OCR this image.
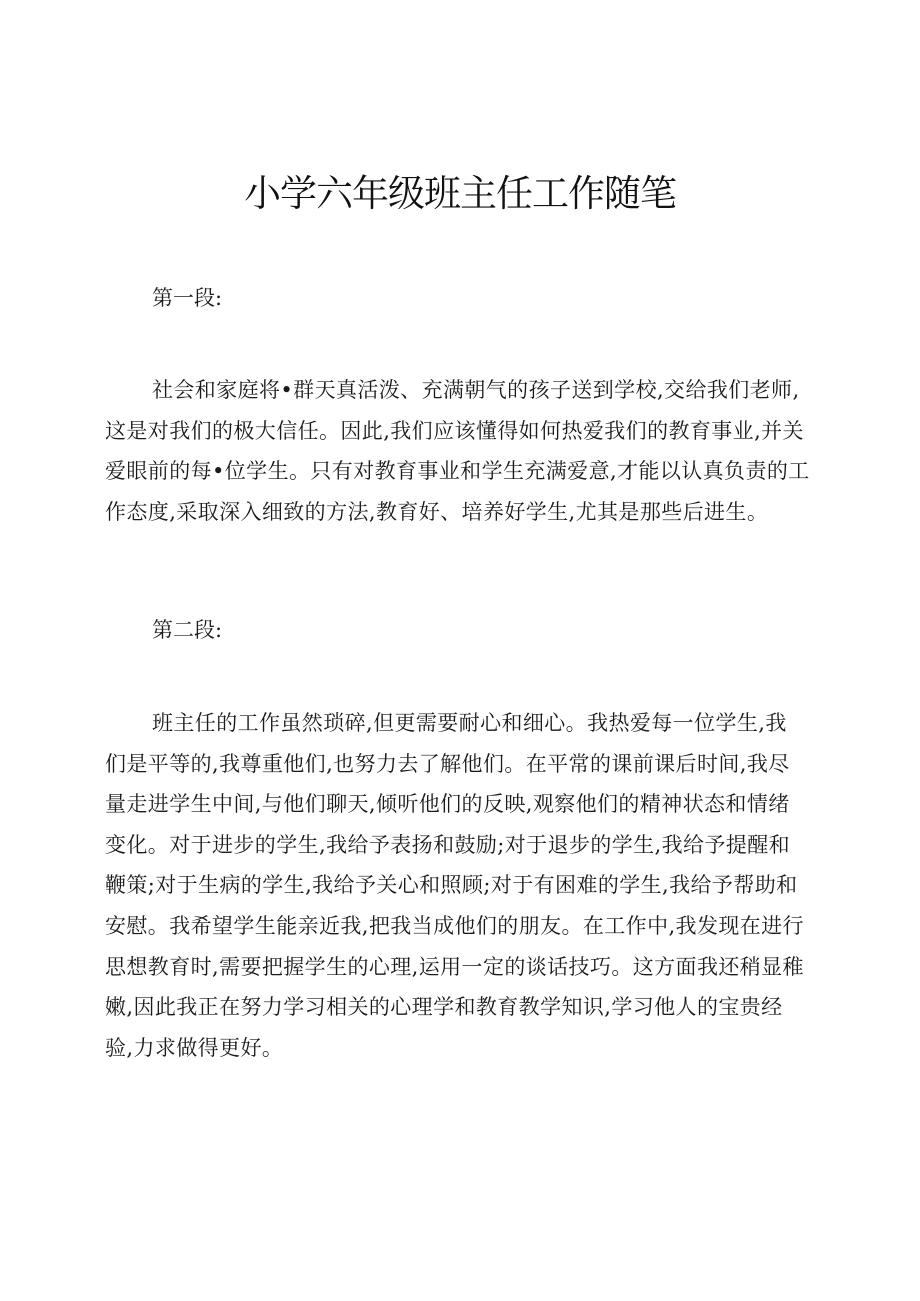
小学六年级班主任工作随笔

第一段:

社会和家庭将•群天真活泼、充满朝气的孩子送到学校,交给我们老师,
这是对我们的极大信任。因此,我们应该懂得如何热爱我们的教育事业,并关
爱眼前的每•位学生。只有对教育事业和学生充满爱意,才能以认真负责的工
作态度,采取深入细致的方法,教育好、培养好学生,尤其是那些后进生。

第二段:

班主任的工作虽然琐碎,但更需要耐心和细心。我热爱每一位学生,我
们是平等的,我尊重他们,也努力去了解他们。在平常的课前课后时间,我尽
量走进学生中间,与他们聊天,倾听他们的反映,观察他们的精神状态和情绪
变化。对于进步的学生,我给予表扬和鼓励;对于退步的学生,我给予提醒和
鞭策;对于生病的学生,我给予关心和照顾;对于有困难的学生,我给予帮助和
安慰。我希望学生能亲近我,把我当成他们的朋友。在工作中,我发现在进行
思想教育时,需要把握学生的心理,运用一定的谈话技巧。这方面我还稍显稚
嫩,因此我正在努力学习相关的心理学和教育教学知识,学习他人的宝贵经
验,力求做得更好。
